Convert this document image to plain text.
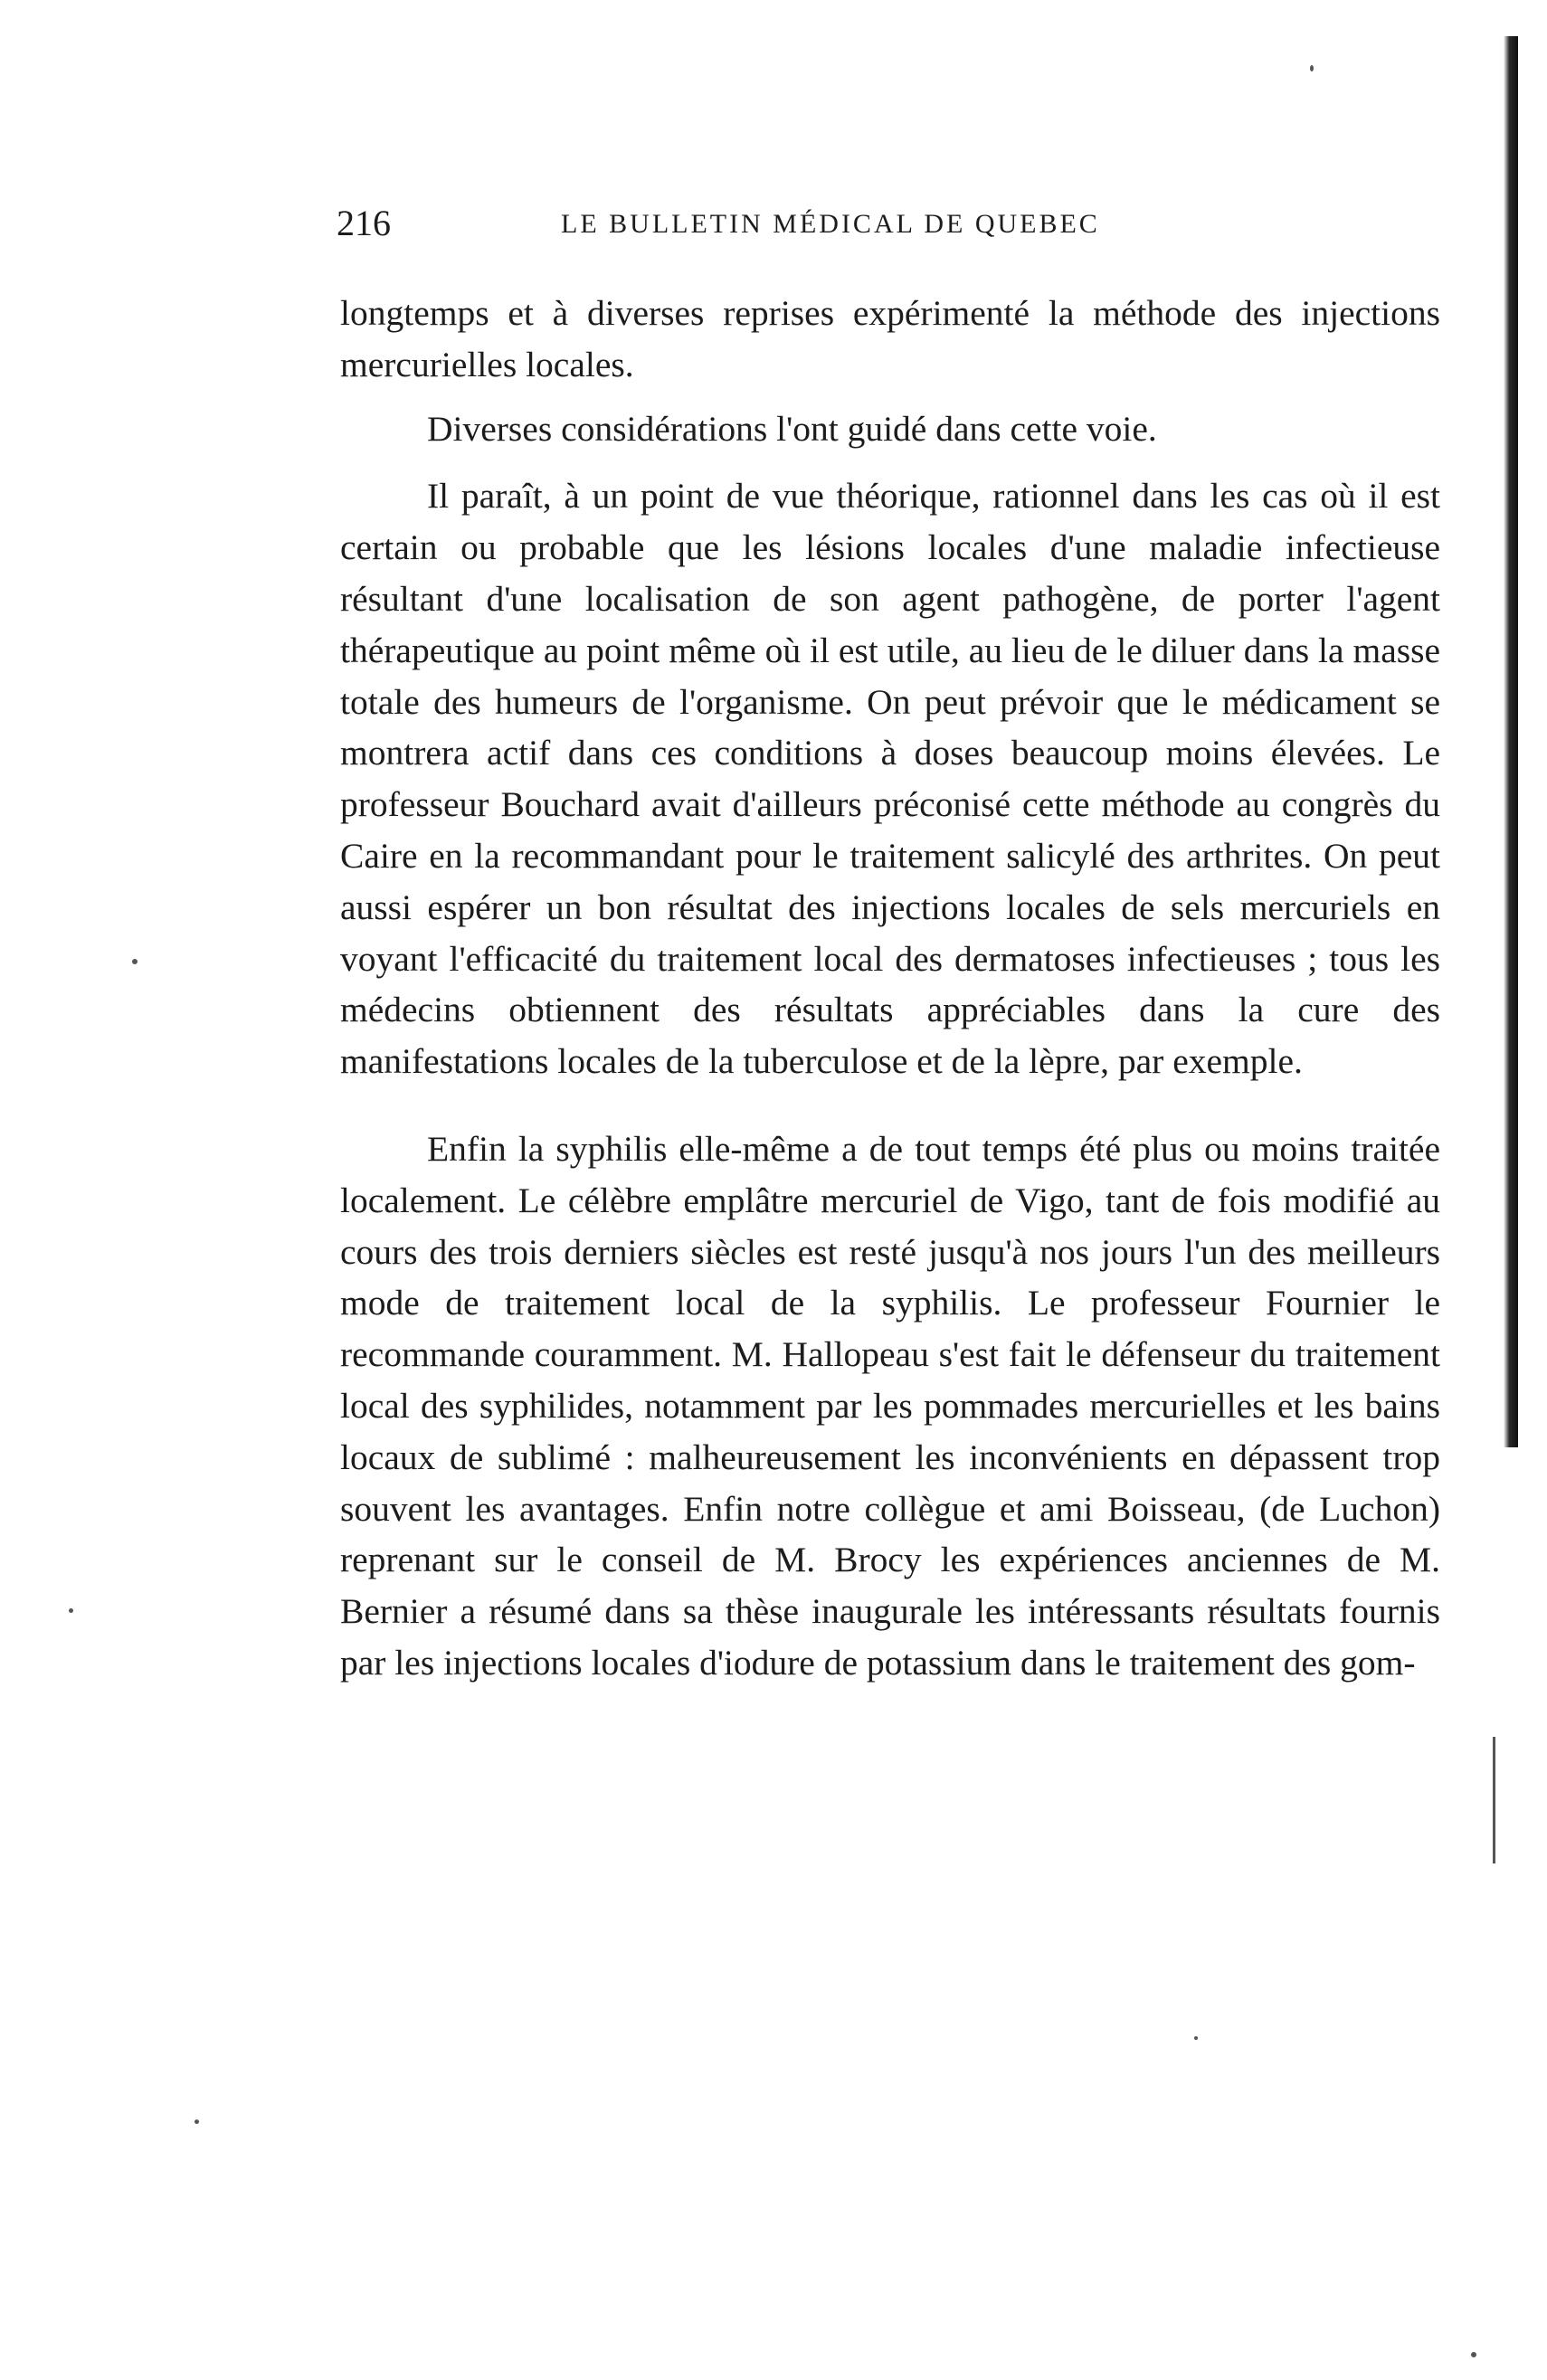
216	LE BULLETIN MÉDICAL DE QUEBEC

longtemps et à diverses reprises expérimenté la méthode des injections mercurielles locales.

Diverses considérations l'ont guidé dans cette voie.

Il paraît, à un point de vue théorique, rationnel dans les cas où il est certain ou probable que les lésions locales d'une maladie infectieuse résultant d'une localisation de son agent pathogène, de porter l'agent thérapeutique au point même où il est utile, au lieu de le diluer dans la masse totale des humeurs de l'organisme. On peut prévoir que le médicament se montrera actif dans ces conditions à doses beaucoup moins élevées. Le professeur Bouchard avait d'ailleurs préconisé cette méthode au congrès du Caire en la recommandant pour le traitement salicylé des arthrites. On peut aussi espérer un bon résultat des injections locales de sels mercuriels en voyant l'efficacité du traitement local des dermatoses infectieuses ; tous les médecins obtiennent des résultats appréciables dans la cure des manifestations locales de la tuberculose et de la lèpre, par exemple.

Enfin la syphilis elle-même a de tout temps été plus ou moins traitée localement. Le célèbre emplâtre mercuriel de Vigo, tant de fois modifié au cours des trois derniers siècles est resté jusqu'à nos jours l'un des meilleurs mode de traitement local de la syphilis. Le professeur Fournier le recommande couramment. M. Hallopeau s'est fait le défenseur du traitement local des syphilides, notamment par les pommades mercurielles et les bains locaux de sublimé : malheureusement les inconvénients en dépassent trop souvent les avantages. Enfin notre collègue et ami Boisseau, (de Luchon) reprenant sur le conseil de M. Brocy les expériences anciennes de M. Bernier a résumé dans sa thèse inaugurale les intéressants résultats fournis par les injections locales d'iodure de potassium dans le traitement des gom-
